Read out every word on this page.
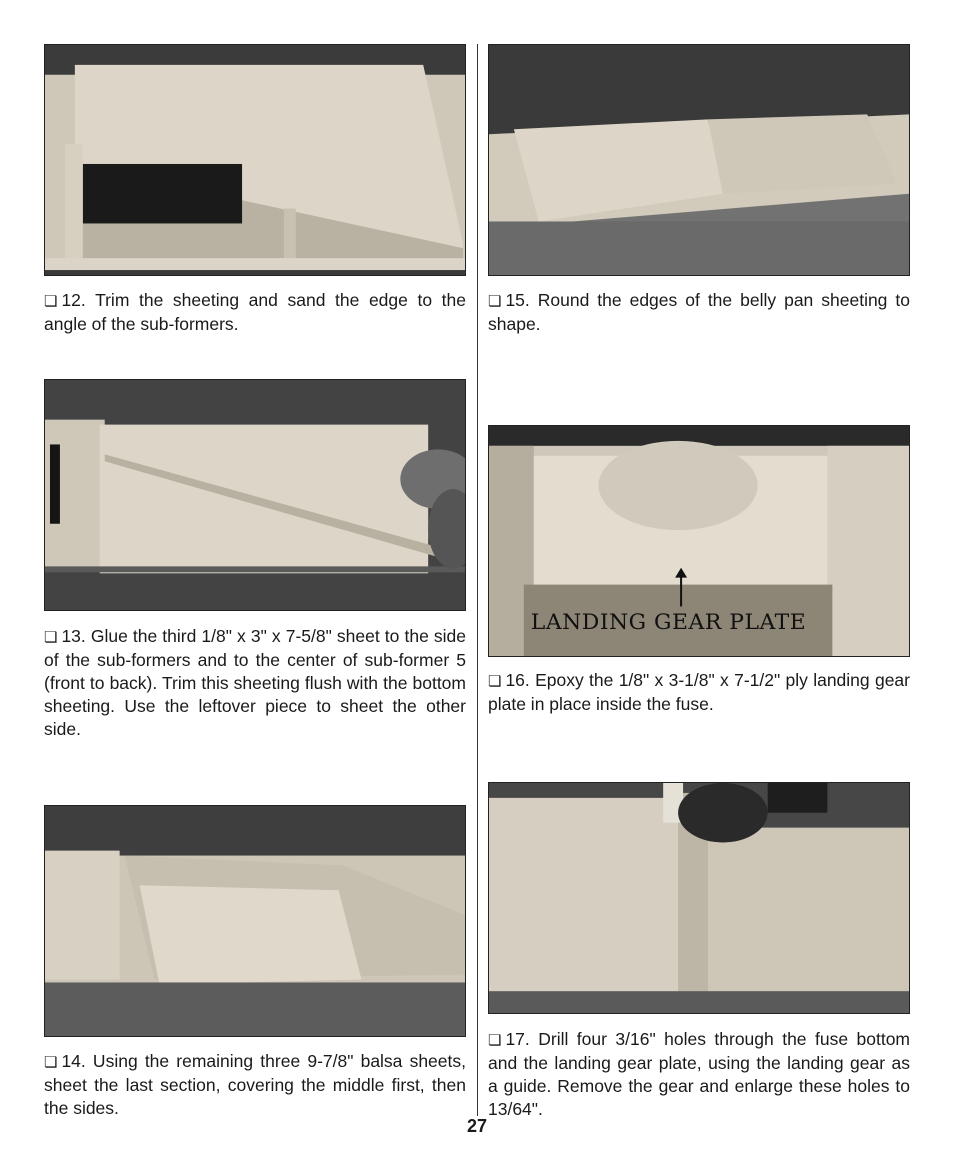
❏ 12. Trim the sheeting and sand the edge to the angle of the sub-formers.

❏ 13. Glue the third 1/8" x 3" x 7-5/8" sheet to the side of the sub-formers and to the center of sub-former 5 (front to back). Trim this sheeting flush with the bottom sheeting. Use the leftover piece to sheet the other side.

❏ 14. Using the remaining three 9-7/8" balsa sheets, sheet the last section, covering the middle first, then the sides.

❏ 15. Round the edges of the belly pan sheeting to shape.

LANDING GEAR PLATE

❏ 16. Epoxy the 1/8" x 3-1/8" x 7-1/2" ply landing gear plate in place inside the fuse.

❏ 17. Drill four 3/16" holes through the fuse bottom and the landing gear plate, using the landing gear as a guide. Remove the gear and enlarge these holes to 13/64".

27
